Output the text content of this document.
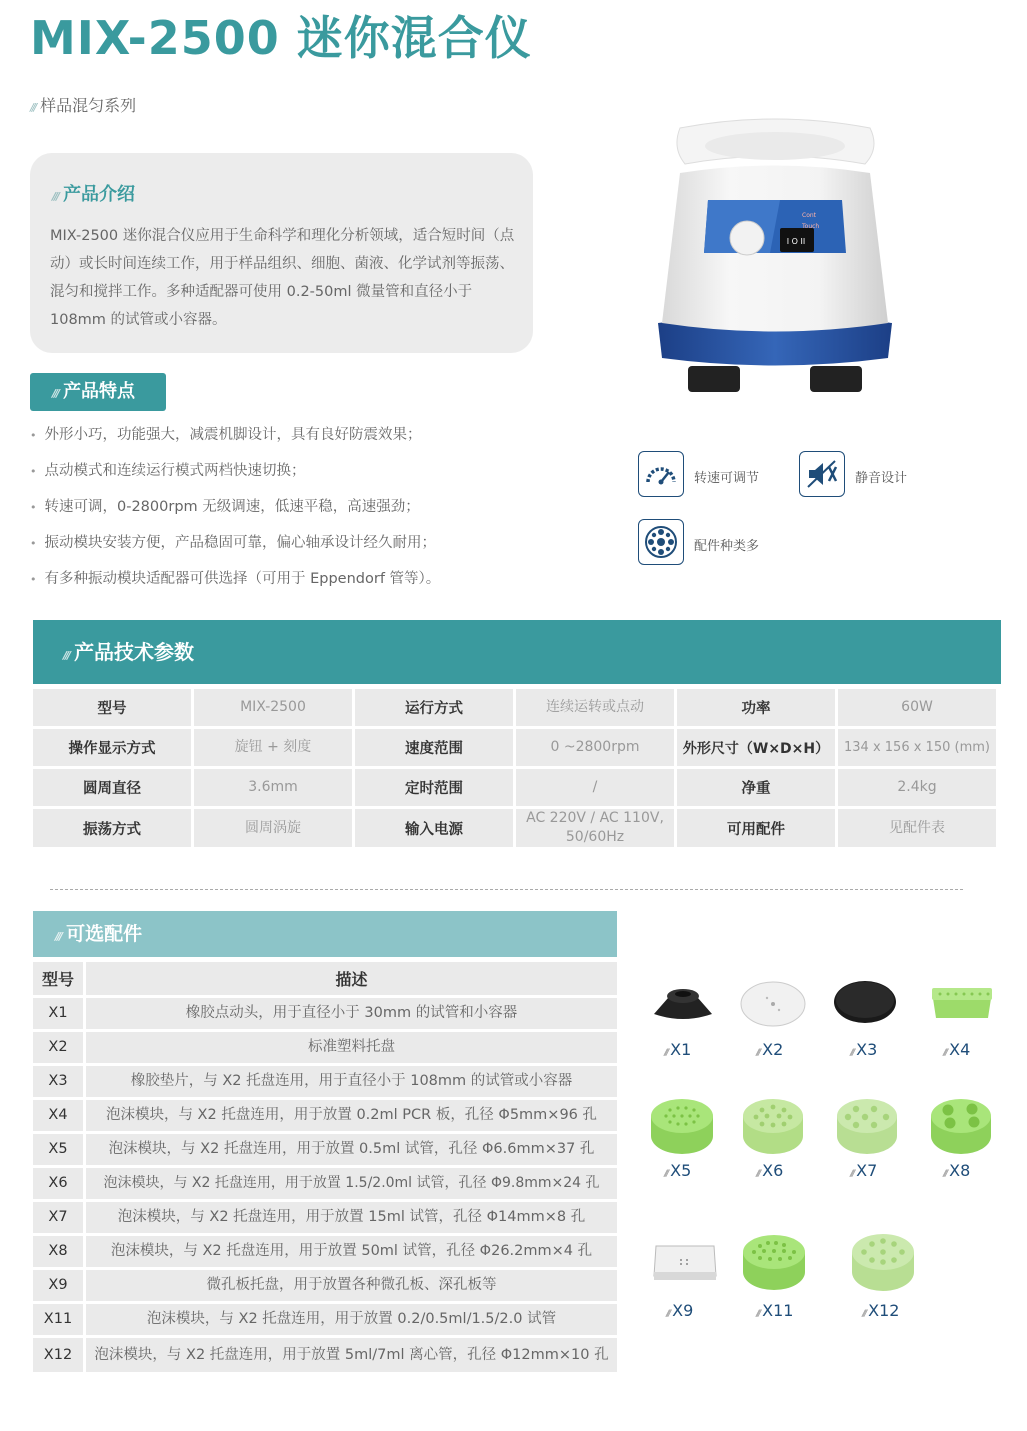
MIX-2500 迷你混合仪
/// 样品混匀系列
/// 产品介绍
MIX-2500 迷你混合仪应用于生命科学和理化分析领域，适合短时间（点动）或长时间连续工作，用于样品组织、细胞、菌液、化学试剂等振荡、混匀和搅拌工作。多种适配器可使用 0.2-50ml 微量管和直径小于 108mm 的试管或小容器。
I O II
Cont
Touch
/// 产品特点
• 外形小巧，功能强大，减震机脚设计，具有良好防震效果；
• 点动模式和连续运行模式两档快速切换；
• 转速可调，0-2800rpm 无级调速，低速平稳，高速强劲；
• 振动模块安装方便，产品稳固可靠，偏心轴承设计经久耐用；
• 有多种振动模块适配器可供选择（可用于 Eppendorf 管等）。
转速可调节	静音设计
配件种类多
/// 产品技术参数
型号	MIX-2500	运行方式	连续运转或点动	功率	60W
操作显示方式	旋钮 + 刻度	速度范围	0 ~2800rpm	外形尺寸（W×D×H）	134 x 156 x 150 (mm)
圆周直径	3.6mm	定时范围	/	净重	2.4kg
振荡方式	圆周涡旋	输入电源	AC 220V / AC 110V, 50/60Hz	可用配件	见配件表
/// 可选配件
型号	描述
X1	橡胶点动头，用于直径小于 30mm 的试管和小容器
X2	标准塑料托盘
X3	橡胶垫片，与 X2 托盘连用，用于直径小于 108mm 的试管或小容器
X4	泡沫模块，与 X2 托盘连用，用于放置 0.2ml PCR 板，孔径 Φ5mm×96 孔
X5	泡沫模块，与 X2 托盘连用，用于放置 0.5ml 试管，孔径 Φ6.6mm×37 孔
X6	泡沫模块，与 X2 托盘连用，用于放置 1.5/2.0ml 试管，孔径 Φ9.8mm×24 孔
X7	泡沫模块，与 X2 托盘连用，用于放置 15ml 试管，孔径 Φ14mm×8 孔
X8	泡沫模块，与 X2 托盘连用，用于放置 50ml 试管，孔径 Φ26.2mm×4 孔
X9	微孔板托盘，用于放置各种微孔板、深孔板等
X11	泡沫模块，与 X2 托盘连用，用于放置 0.2/0.5ml/1.5/2.0 试管
X12	泡沫模块，与 X2 托盘连用，用于放置 5ml/7ml 离心管，孔径 Φ12mm×10 孔
/// X1	/// X2	/// X3	/// X4
/// X5	/// X6	/// X7	/// X8
/// X9	/// X11	/// X12
